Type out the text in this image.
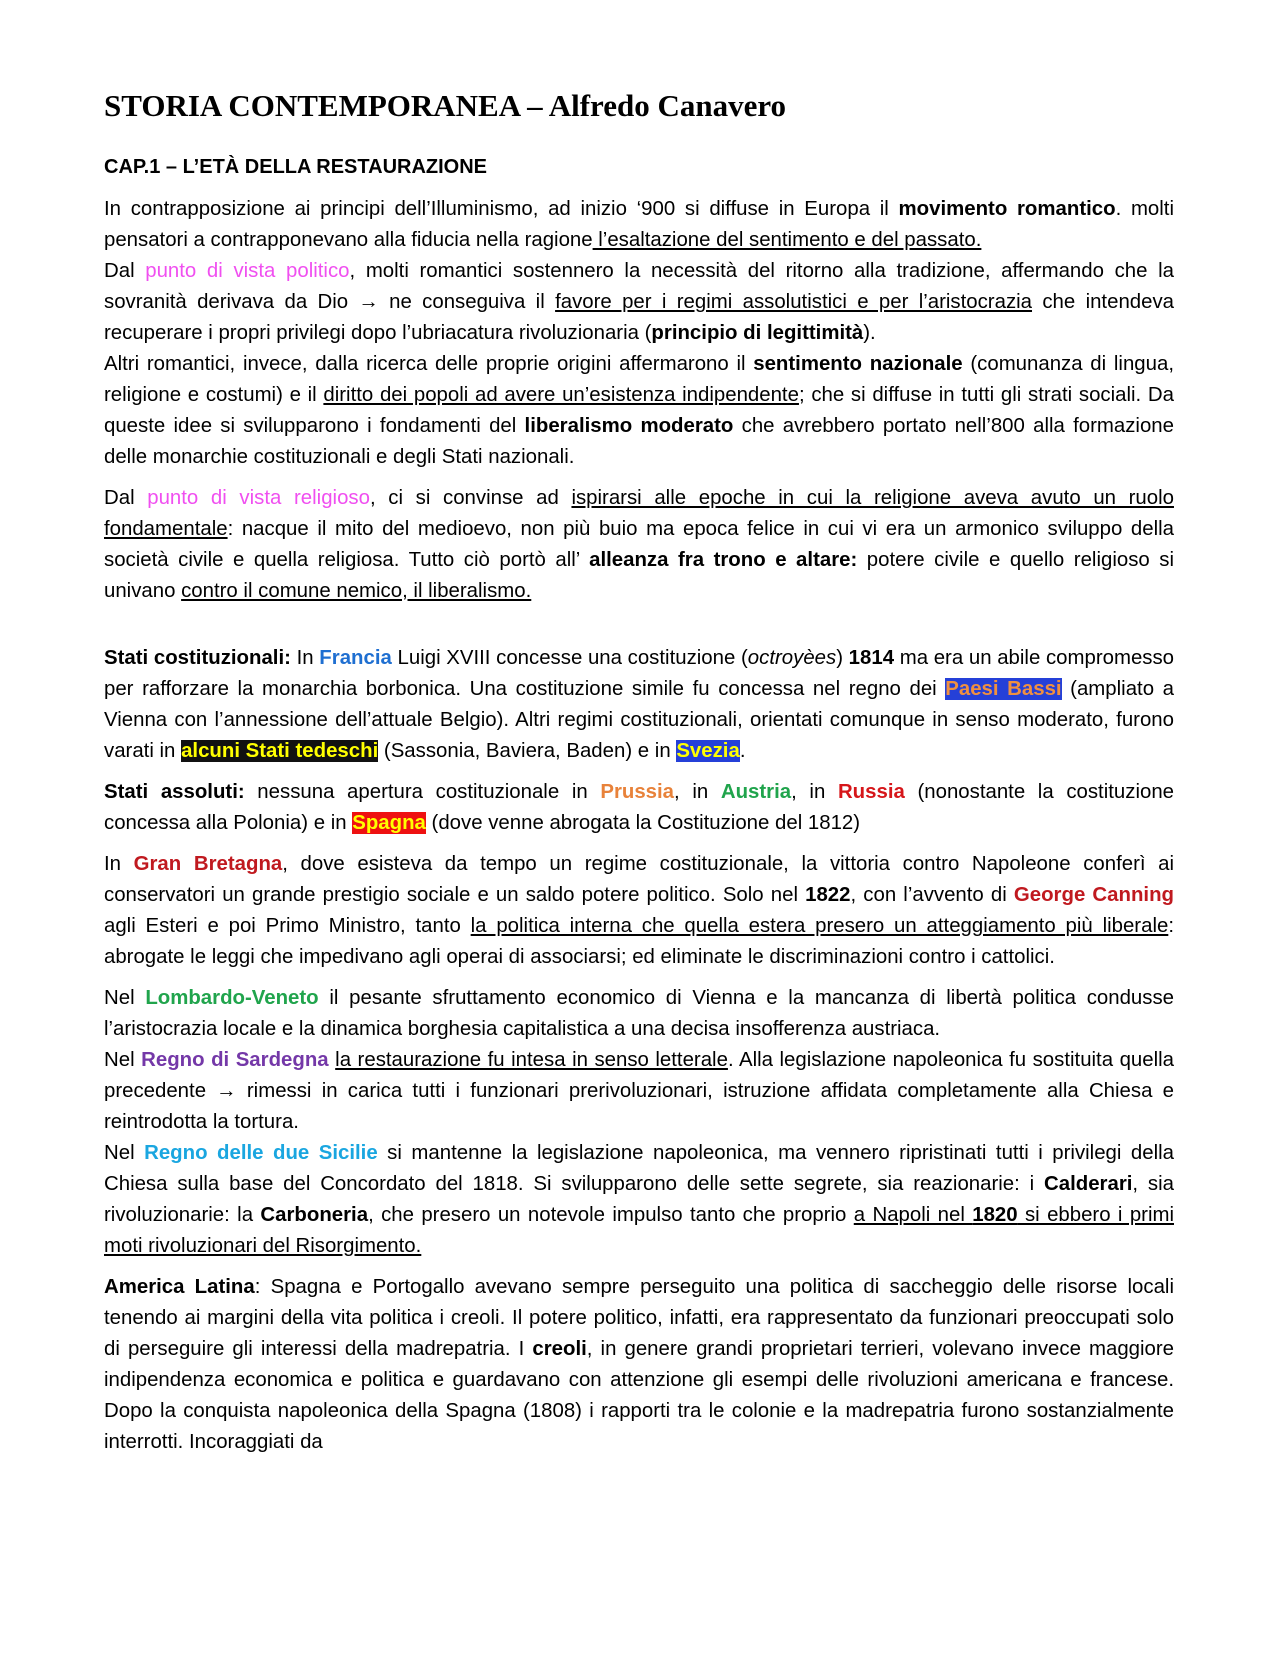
STORIA CONTEMPORANEA – Alfredo Canavero
CAP.1 – L’ETÀ DELLA RESTAURAZIONE

In contrapposizione ai principi dell’Illuminismo, ad inizio ‘900 si diffuse in Europa il movimento romantico. molti pensatori a contrapponevano alla fiducia nella ragione l’esaltazione del sentimento e del passato.

Dal punto di vista politico, molti romantici sostennero la necessità del ritorno alla tradizione, affermando che la sovranità derivava da Dio → ne conseguiva il favore per i regimi assolutistici e per l’aristocrazia che intendeva recuperare i propri privilegi dopo l’ubriacatura rivoluzionaria (principio di legittimità).

Altri romantici, invece, dalla ricerca delle proprie origini affermarono il sentimento nazionale (comunanza di lingua, religione e costumi) e il diritto dei popoli ad avere un’esistenza indipendente; che si diffuse in tutti gli strati sociali. Da queste idee si svilupparono i fondamenti del liberalismo moderato che avrebbero portato nell’800 alla formazione delle monarchie costituzionali e degli Stati nazionali.

Dal punto di vista religioso, ci si convinse ad ispirarsi alle epoche in cui la religione aveva avuto un ruolo fondamentale: nacque il mito del medioevo, non più buio ma epoca felice in cui vi era un armonico sviluppo della società civile e quella religiosa. Tutto ciò portò all’ alleanza fra trono e altare: potere civile e quello religioso si univano contro il comune nemico, il liberalismo.

Stati costituzionali: In Francia Luigi XVIII concesse una costituzione (octroyèes) 1814 ma era un abile compromesso per rafforzare la monarchia borbonica. Una costituzione simile fu concessa nel regno dei Paesi Bassi (ampliato a Vienna con l’annessione dell’attuale Belgio). Altri regimi costituzionali, orientati comunque in senso moderato, furono varati in alcuni Stati tedeschi (Sassonia, Baviera, Baden) e in Svezia.

Stati assoluti: nessuna apertura costituzionale in Prussia, in Austria, in Russia (nonostante la costituzione concessa alla Polonia) e in Spagna (dove venne abrogata la Costituzione del 1812)

In Gran Bretagna, dove esisteva da tempo un regime costituzionale, la vittoria contro Napoleone conferì ai conservatori un grande prestigio sociale e un saldo potere politico. Solo nel 1822, con l’avvento di George Canning agli Esteri e poi Primo Ministro, tanto la politica interna che quella estera presero un atteggiamento più liberale: abrogate le leggi che impedivano agli operai di associarsi; ed eliminate le discriminazioni contro i cattolici.

Nel Lombardo-Veneto il pesante sfruttamento economico di Vienna e la mancanza di libertà politica condusse l’aristocrazia locale e la dinamica borghesia capitalistica a una decisa insofferenza austriaca.

Nel Regno di Sardegna la restaurazione fu intesa in senso letterale. Alla legislazione napoleonica fu sostituita quella precedente → rimessi in carica tutti i funzionari prerivoluzionari, istruzione affidata completamente alla Chiesa e reintrodotta la tortura.

Nel Regno delle due Sicilie si mantenne la legislazione napoleonica, ma vennero ripristinati tutti i privilegi della Chiesa sulla base del Concordato del 1818. Si svilupparono delle sette segrete, sia reazionarie: i Calderari, sia rivoluzionarie: la Carboneria, che presero un notevole impulso tanto che proprio a Napoli nel 1820 si ebbero i primi moti rivoluzionari del Risorgimento.

America Latina: Spagna e Portogallo avevano sempre perseguito una politica di saccheggio delle risorse locali tenendo ai margini della vita politica i creoli. Il potere politico, infatti, era rappresentato da funzionari preoccupati solo di perseguire gli interessi della madrepatria. I creoli, in genere grandi proprietari terrieri, volevano invece maggiore indipendenza economica e politica e guardavano con attenzione gli esempi delle rivoluzioni americana e francese. Dopo la conquista napoleonica della Spagna (1808) i rapporti tra le colonie e la madrepatria furono sostanzialmente interrotti. Incoraggiati da
